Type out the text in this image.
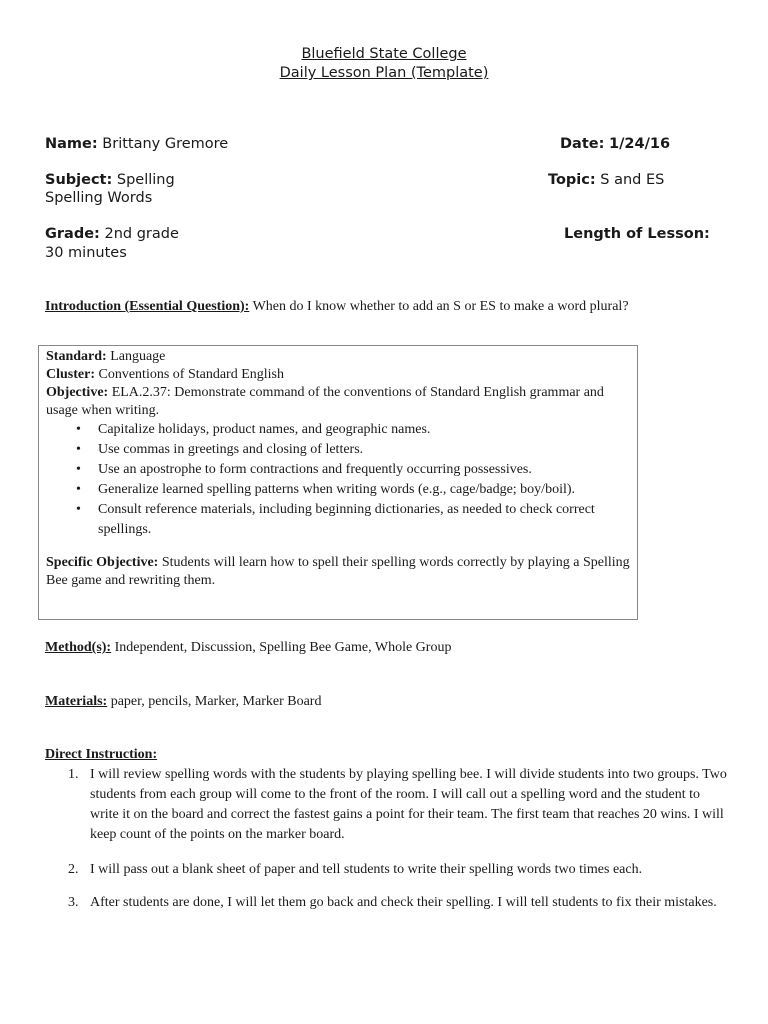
Bluefield State College
Daily Lesson Plan (Template)
Name: Brittany Gremore	Date: 1/24/16
Subject: Spelling
Spelling Words
Topic: S and ES
Grade: 2nd grade
30 minutes
Length of Lesson:
Introduction (Essential Question): When do I know whether to add an S or ES to make a word plural?
Standard: Language
Cluster: Conventions of Standard English
Objective: ELA.2.37: Demonstrate command of the conventions of Standard English grammar and usage when writing.
• Capitalize holidays, product names, and geographic names.
• Use commas in greetings and closing of letters.
• Use an apostrophe to form contractions and frequently occurring possessives.
• Generalize learned spelling patterns when writing words (e.g., cage/badge; boy/boil).
• Consult reference materials, including beginning dictionaries, as needed to check correct spellings.
Specific Objective: Students will learn how to spell their spelling words correctly by playing a Spelling Bee game and rewriting them.
Method(s): Independent, Discussion, Spelling Bee Game, Whole Group
Materials: paper, pencils, Marker, Marker Board
Direct Instruction:
1. I will review spelling words with the students by playing spelling bee. I will divide students into two groups. Two students from each group will come to the front of the room. I will call out a spelling word and the student to write it on the board and correct the fastest gains a point for their team. The first team that reaches 20 wins. I will keep count of the points on the marker board.
2. I will pass out a blank sheet of paper and tell students to write their spelling words two times each.
3. After students are done, I will let them go back and check their spelling. I will tell students to fix their mistakes.
